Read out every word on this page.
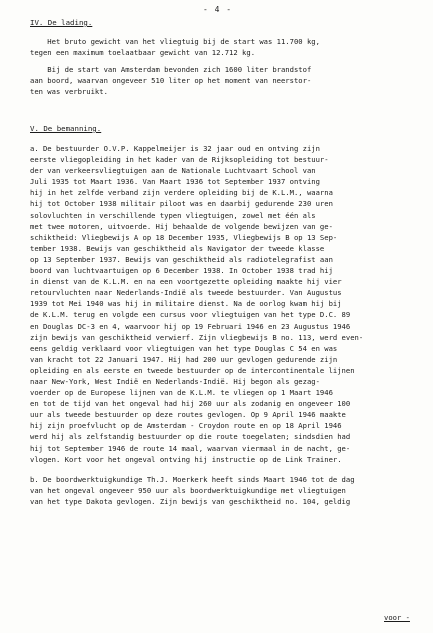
- 4 -
IV. De lading.
Het bruto gewicht van het vliegtuig bij de start was 11.700 kg,
tegen een maximum toelaatbaar gewicht van 12.712 kg.
Bij de start van Amsterdam bevonden zich 1600 liter brandstof
aan boord, waarvan ongeveer 510 liter op het moment van neerstor-
ten was verbruikt.
V. De bemanning.
a. De bestuurder O.V.P. Kappelmeijer is 32 jaar oud en ontving zijn
eerste vliegopleiding in het kader van de Rijksopleiding tot bestuur-
der van verkeersvliegtuigen aan de Nationale Luchtvaart School van
Juli 1935 tot Maart 1936. Van Maart 1936 tot September 1937 ontving
hij in het zelfde verband zijn verdere opleiding bij de K.L.M., waarna
hij tot October 1938 militair piloot was en daarbij gedurende 230 uren
solovluchten in verschillende typen vliegtuigen, zowel met één als
met twee motoren, uitvoerde. Hij behaalde de volgende bewijzen van ge-
schiktheid: Vliegbewijs A op 18 December 1935, Vliegbewijs B op 13 Sep-
tember 1938. Bewijs van geschiktheid als Navigator der tweede klasse
op 13 September 1937. Bewijs van geschiktheid als radiotelegrafist aan
boord van luchtvaartuigen op 6 December 1938. In October 1938 trad hij
in dienst van de K.L.M. en na een voortgezette opleiding maakte hij vier
retourvluchten naar Nederlands-Indië als tweede bestuurder. Van Augustus
1939 tot Mei 1940 was hij in militaire dienst. Na de oorlog kwam hij bij
de K.L.M. terug en volgde een cursus voor vliegtuigen van het type D.C. 89
en Douglas DC-3 en 4, waarvoor hij op 19 Februari 1946 en 23 Augustus 1946
zijn bewijs van geschiktheid verwierf. Zijn vliegbewijs B no. 113, werd even-
eens geldig verklaard voor vliegtuigen van het type Douglas C 54 en was
van kracht tot 22 Januari 1947. Hij had 200 uur gevlogen gedurende zijn
opleiding en als eerste en tweede bestuurder op de intercontinentale lijnen
naar New-York, West Indië en Nederlands-Indië. Hij begon als gezag-
voerder op de Europese lijnen van de K.L.M. te vliegen op 1 Maart 1946
en tot de tijd van het ongeval had hij 260 uur als zodanig en ongeveer 100
uur als tweede bestuurder op deze routes gevlogen. Op 9 April 1946 maakte
hij zijn proefvlucht op de Amsterdam - Croydon route en op 18 April 1946
werd hij als zelfstandig bestuurder op die route toegelaten; sindsdien had
hij tot September 1946 de route 14 maal, waarvan viermaal in de nacht, ge-
vlogen. Kort voor het ongeval ontving hij instructie op de Link Trainer.
b. De boordwerktuigkundige Th.J. Moerkerk heeft sinds Maart 1946 tot de dag
van het ongeval ongeveer 950 uur als boordwerktuigkundige met vliegtuigen
van het type Dakota gevlogen. Zijn bewijs van geschiktheid no. 104, geldig
voor -
